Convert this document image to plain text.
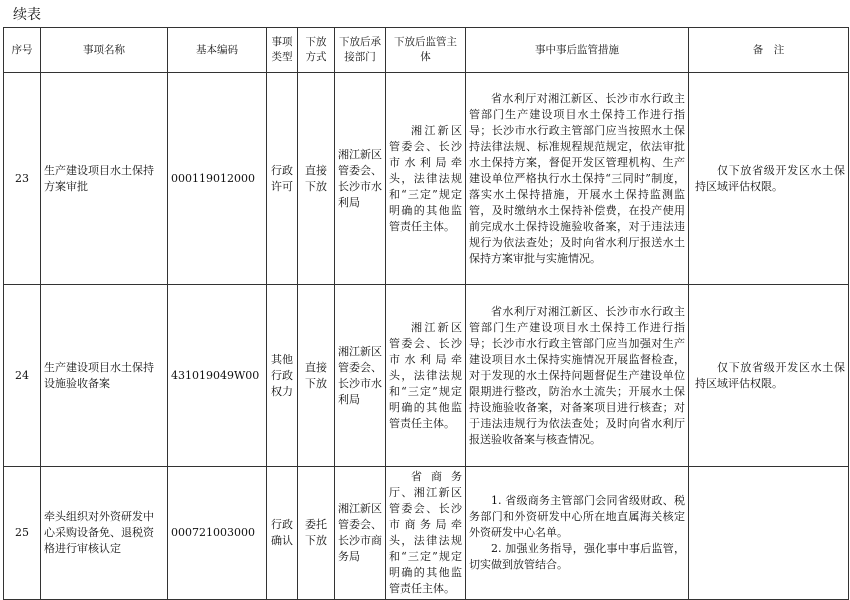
续表
序号	事项名称	基本编码	事项类型	下放方式	下放后承接部门	下放后监管主体	事中事后监管措施	备　注
23	生产建设项目水土保持方案审批	000119012000	行政许可	直接下放	湘江新区管委会、长沙市水利局	湘江新区管委会、长沙市水利局牵头，法律法规和“三定”规定明确的其他监管责任主体。	省水利厅对湘江新区、长沙市水行政主管部门生产建设项目水土保持工作进行指导；长沙市水行政主管部门应当按照水土保持法律法规、标准规程规范规定，依法审批水土保持方案，督促开发区管理机构、生产建设单位严格执行水土保持“三同时”制度，落实水土保持措施，开展水土保持监测监管，及时缴纳水土保持补偿费，在投产使用前完成水土保持设施验收备案，对于违法违规行为依法查处；及时向省水利厅报送水土保持方案审批与实施情况。	仅下放省级开发区水土保持区域评估权限。
24	生产建设项目水土保持设施验收备案	431019049W00	其他行政权力	直接下放	湘江新区管委会、长沙市水利局	湘江新区管委会、长沙市水利局牵头，法律法规和“三定”规定明确的其他监管责任主体。	省水利厅对湘江新区、长沙市水行政主管部门生产建设项目水土保持工作进行指导；长沙市水行政主管部门应当加强对生产建设项目水土保持实施情况开展监督检查，对于发现的水土保持问题督促生产建设单位限期进行整改，防治水土流失；开展水土保持设施验收备案，对备案项目进行核查；对于违法违规行为依法查处；及时向省水利厅报送验收备案与核查情况。	仅下放省级开发区水土保持区域评估权限。
25	牵头组织对外资研发中心采购设备免、退税资格进行审核认定	000721003000	行政确认	委托下放	湘江新区管委会、长沙市商务局	省商务厅、湘江新区管委会、长沙市商务局牵头，法律法规和“三定”规定明确的其他监管责任主体。	1. 省级商务主管部门会同省级财政、税务部门和外资研发中心所在地直属海关核定外资研发中心名单。
2. 加强业务指导，强化事中事后监管，切实做到放管结合。	
